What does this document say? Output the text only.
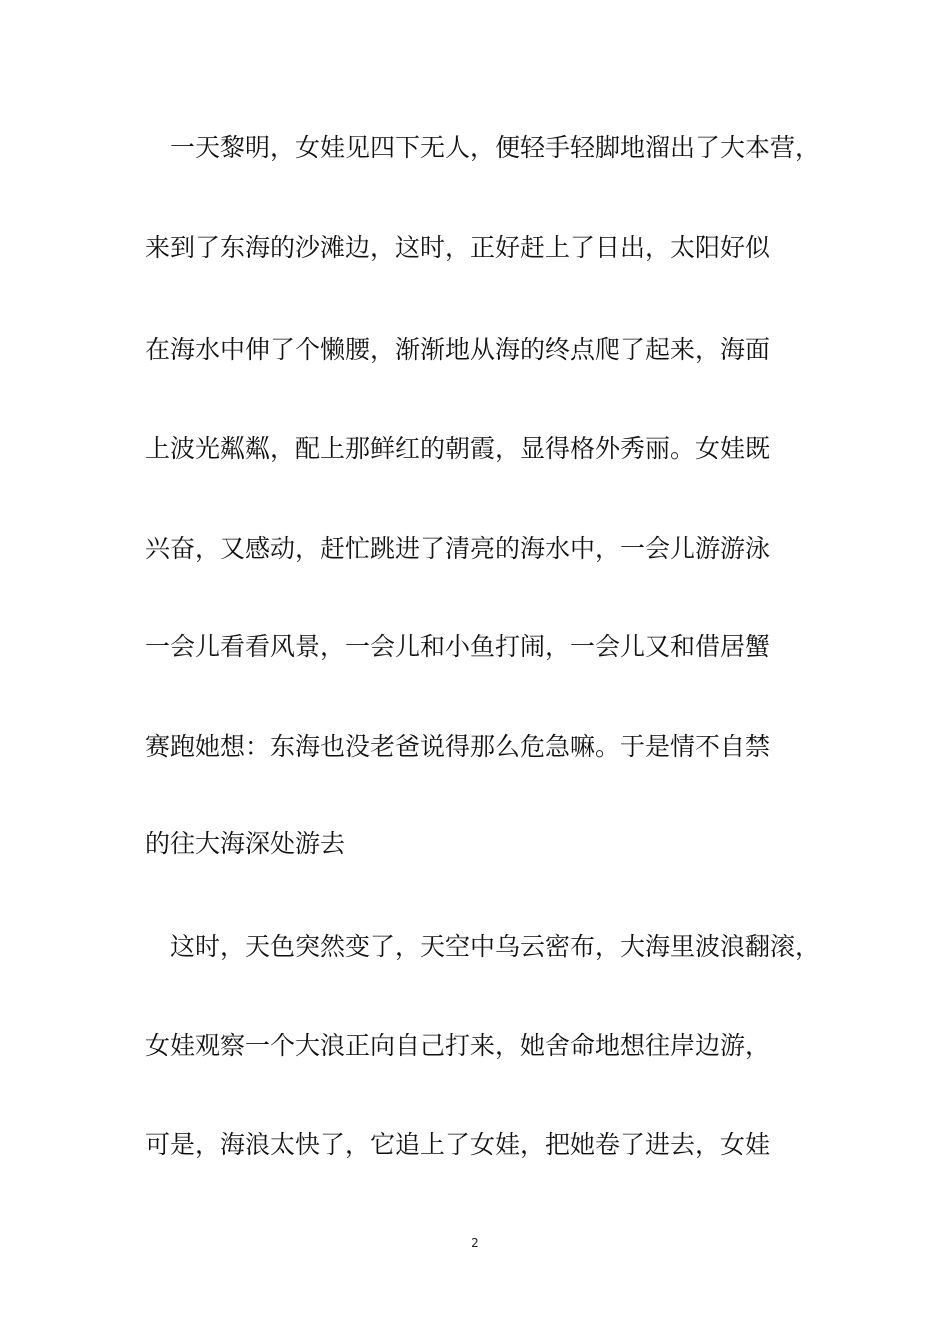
　一天黎明，女娃见四下无人，便轻手轻脚地溜出了大本营，
来到了东海的沙滩边，这时，正好赶上了日出，太阳好似
在海水中伸了个懒腰，渐渐地从海的终点爬了起来，海面
上波光粼粼，配上那鲜红的朝霞，显得格外秀丽。女娃既
兴奋，又感动，赶忙跳进了清亮的海水中，一会儿游游泳
一会儿看看风景，一会儿和小鱼打闹，一会儿又和借居蟹
赛跑她想：东海也没老爸说得那么危急嘛。于是情不自禁
的往大海深处游去
　这时，天色突然变了，天空中乌云密布，大海里波浪翻滚，
女娃观察一个大浪正向自己打来，她舍命地想往岸边游，
可是，海浪太快了，它追上了女娃，把她卷了进去，女娃
2
